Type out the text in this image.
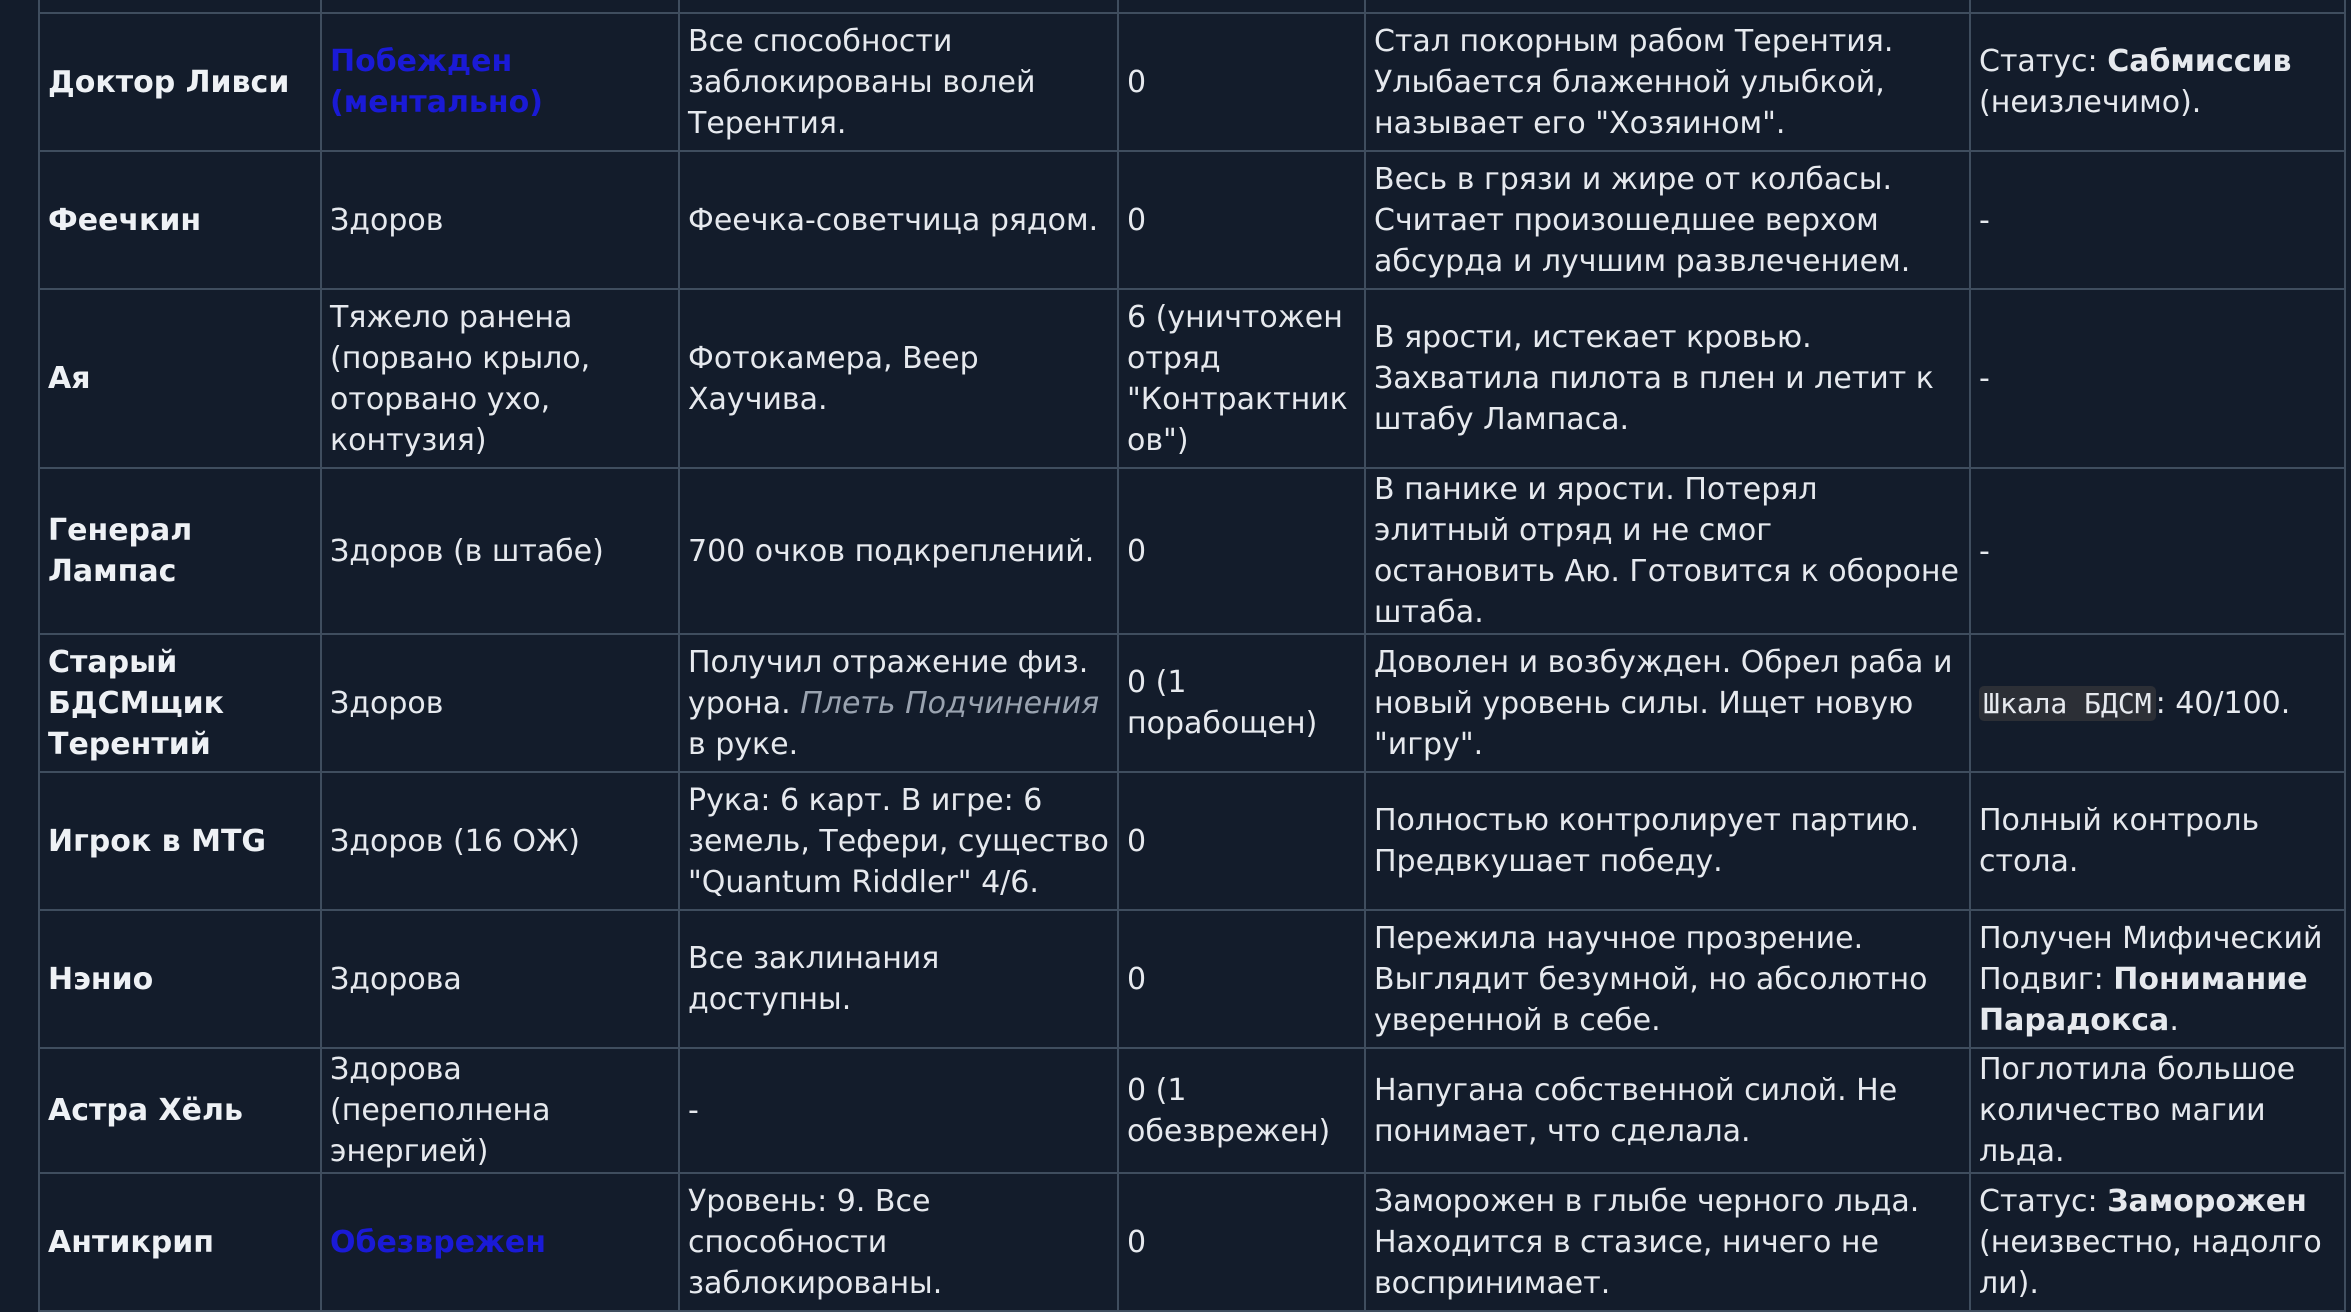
Доктор Ливси	Побежден (ментально)	Все способности заблокированы волей Терентия.	0	Стал покорным рабом Терентия. Улыбается блаженной улыбкой, называет его "Хозяином".	Статус: Сабмиссив (неизлечимо).
Феечкин	Здоров	Феечка-советчица рядом.	0	Весь в грязи и жире от колбасы. Считает произошедшее верхом абсурда и лучшим развлечением.	-
Ая	Тяжело ранена (порвано крыло, оторвано ухо, контузия)	Фотокамера, Веер Хаучива.	6 (уничтожен отряд "Контрактников")	В ярости, истекает кровью. Захватила пилота в плен и летит к штабу Лампаса.	-
Генерал Лампас	Здоров (в штабе)	700 очков подкреплений.	0	В панике и ярости. Потерял элитный отряд и не смог остановить Аю. Готовится к обороне штаба.	-
Старый БДСМщик Терентий	Здоров	Получил отражение физ. урона. Плеть Подчинения в руке.	0 (1 порабощен)	Доволен и возбужден. Обрел раба и новый уровень силы. Ищет новую "игру".	Шкала БДСМ : 40/100.
Игрок в MTG	Здоров (16 ОЖ)	Рука: 6 карт. В игре: 6 земель, Тефери, существо "Quantum Riddler" 4/6.	0	Полностью контролирует партию. Предвкушает победу.	Полный контроль стола.
Нэнио	Здорова	Все заклинания доступны.	0	Пережила научное прозрение. Выглядит безумной, но абсолютно уверенной в себе.	Получен Мифический Подвиг: Понимание Парадокса.
Астра Хёль	Здорова (переполнена энергией)	-	0 (1 обезврежен)	Напугана собственной силой. Не понимает, что сделала.	Поглотила большое количество магии льда.
Антикрип	Обезврежен	Уровень: 9. Все способности заблокированы.	0	Заморожен в глыбе черного льда. Находится в стазисе, ничего не воспринимает.	Статус: Заморожен (неизвестно, надолго ли).
